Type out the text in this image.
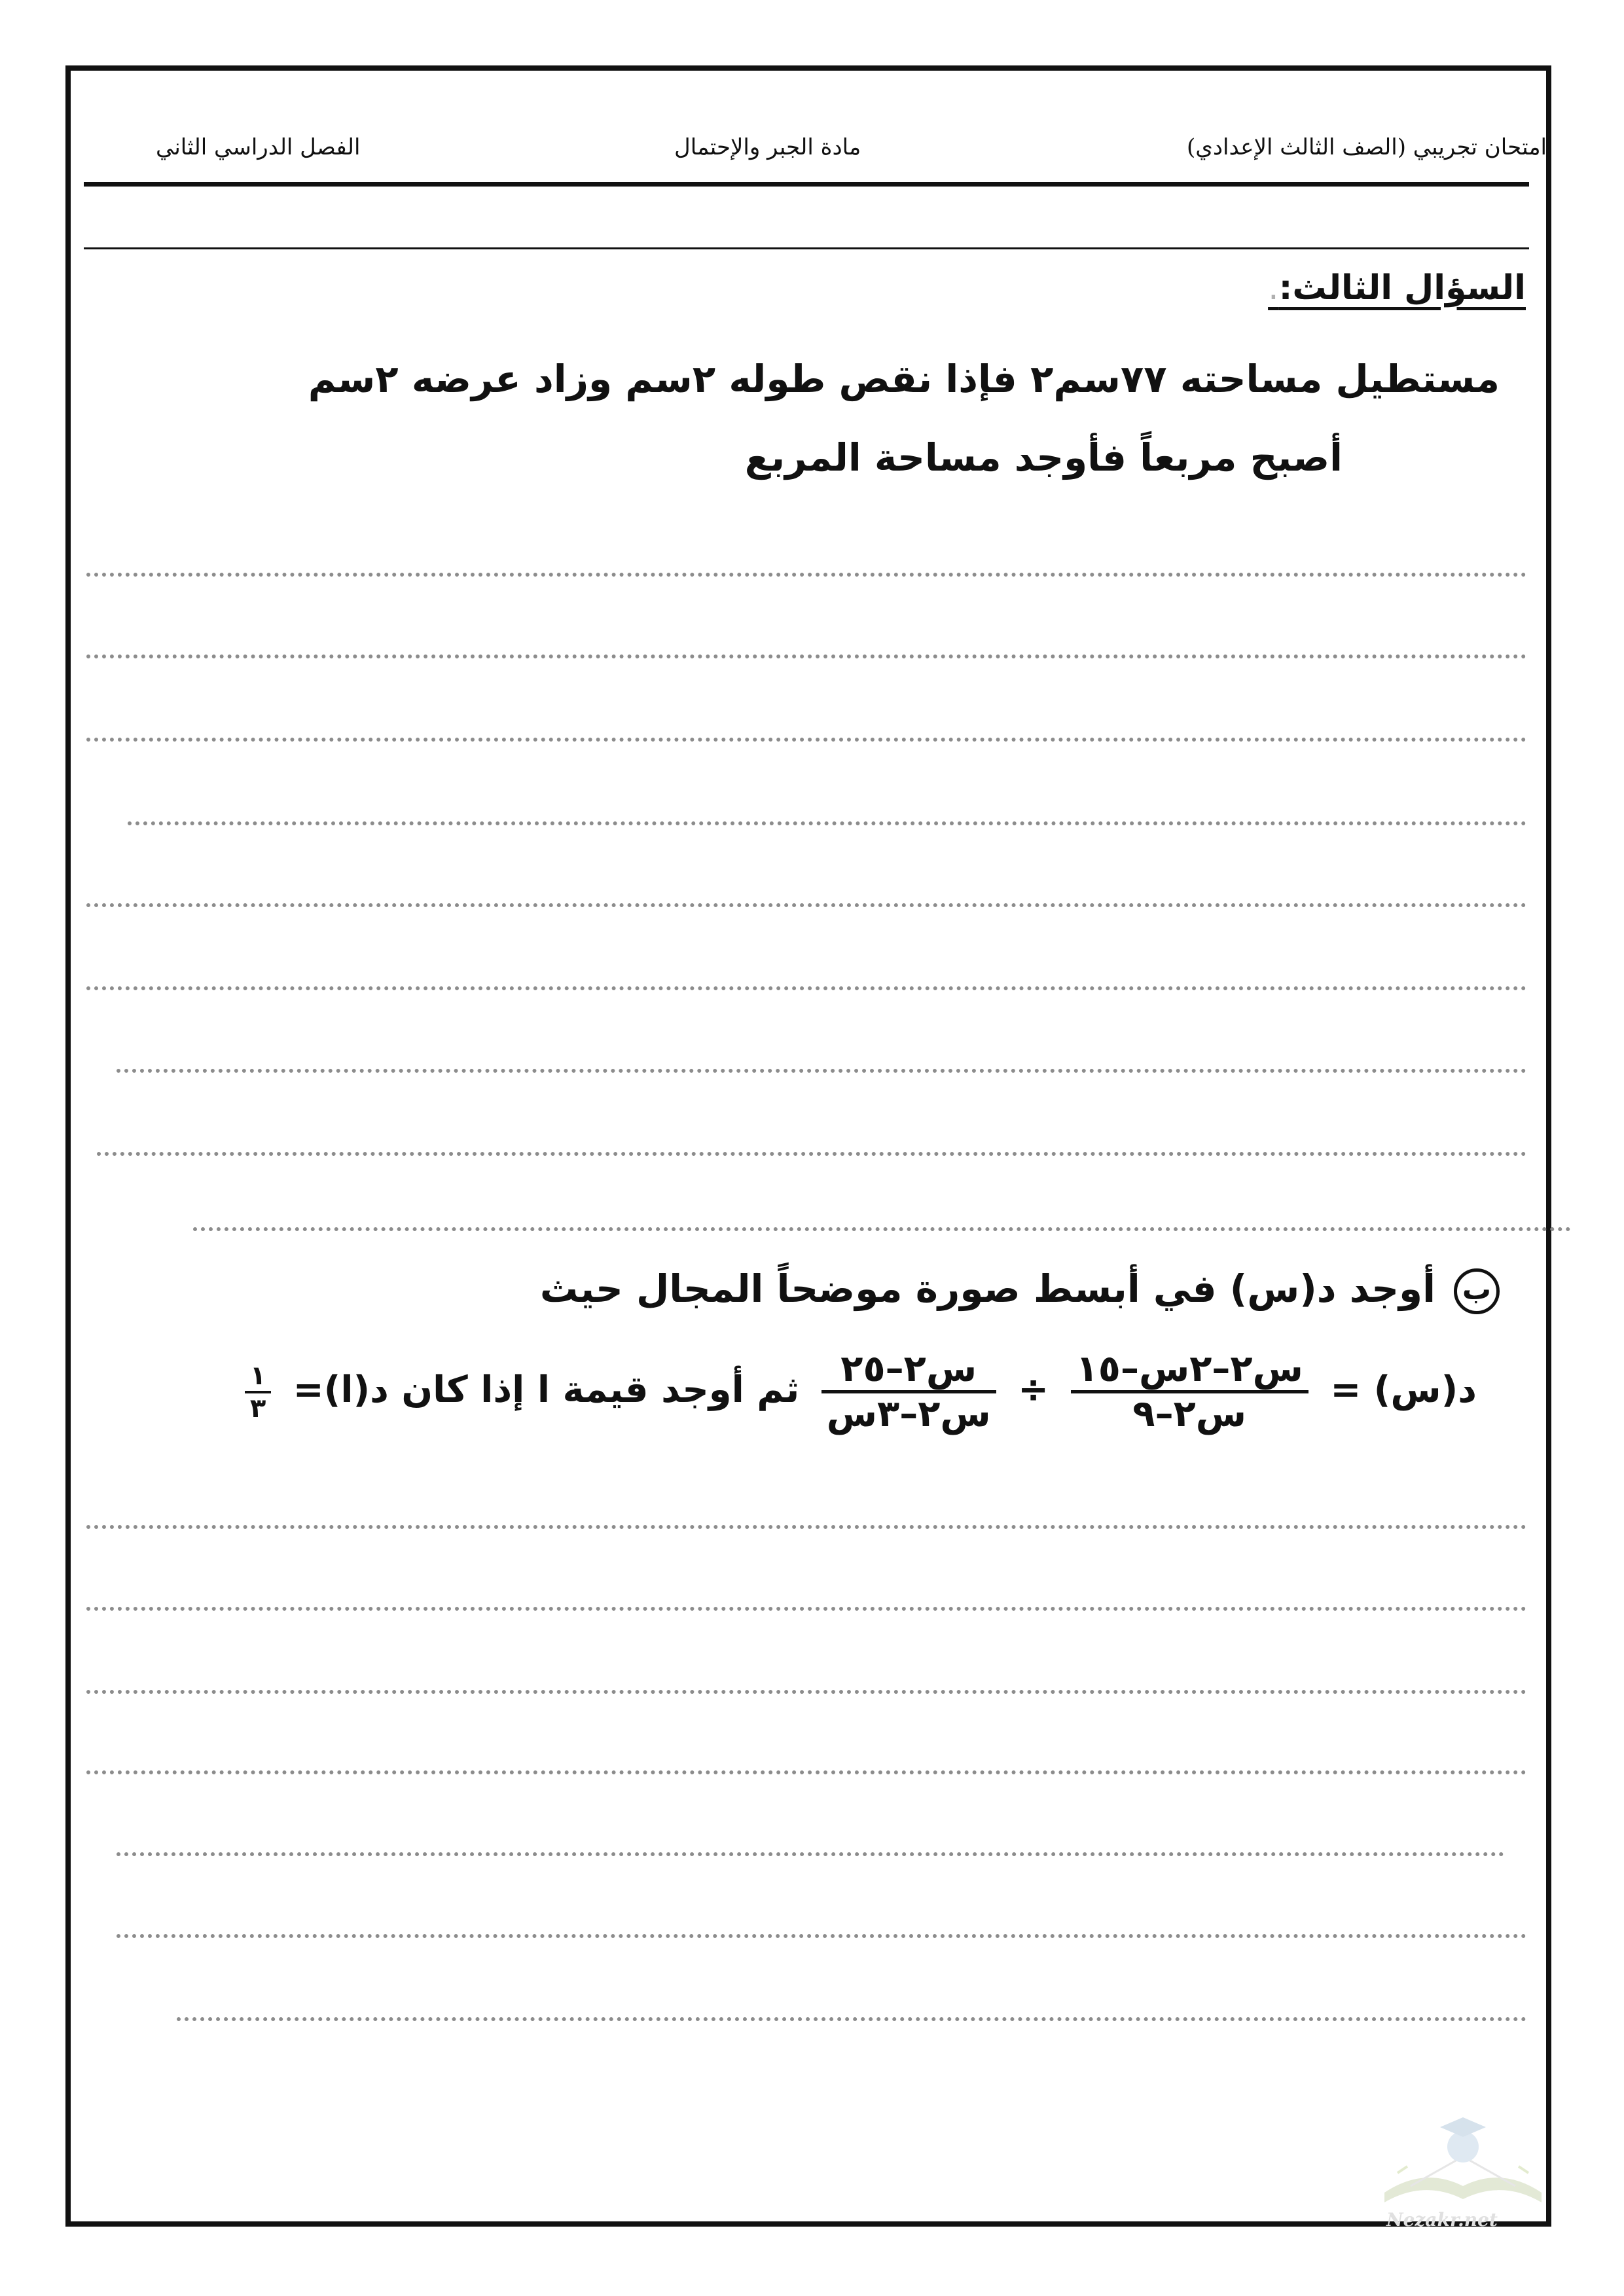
امتحان تجريبي (الصف الثالث الإعدادي)
مادة الجبر والإحتمال
الفصل الدراسي الثاني
السؤال الثالث:.
مستطيل مساحته ٧٧سم٢ فإذا نقص طوله ٢سم وزاد عرضه ٢سم
أصبح مربعاً فأوجد مساحة المربع
بأوجد د(س) في أبسط صورة موضحاً المجال حيث
د(س) =
$\frac{\text{س٢–٢س–١٥}}{\text{س٢–٩}}$
÷
$\frac{\text{س٢–٢٥}}{\text{س٢–٣س}}$
ثم أوجد قيمة ا إذا كان د(ا)=
$\frac{١}{٣}$
Nezakr.net
